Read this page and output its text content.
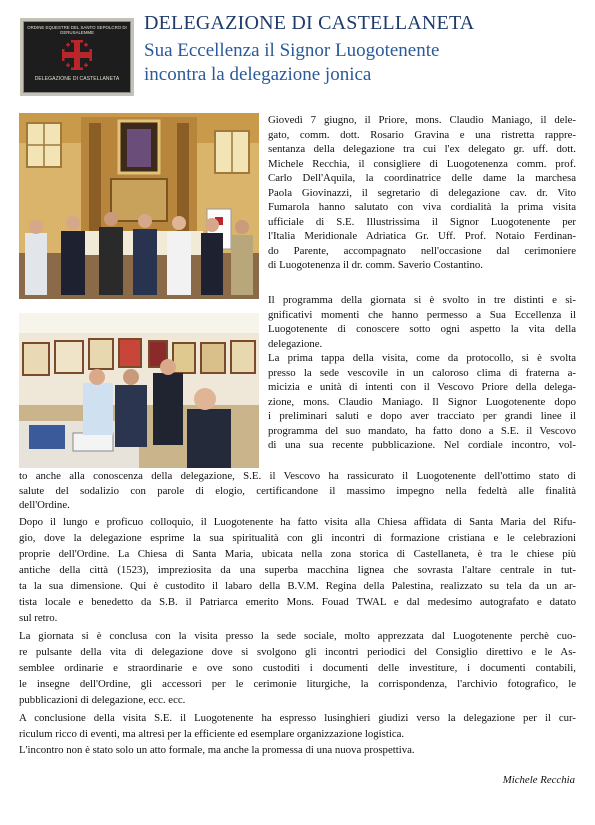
ORDINE EQUESTRE DEL SANTO SEPOLCRO DI GERUSALEMME
DELEGAZIONE DI CASTELLANETA
DELEGAZIONE DI CASTELLANETA
Sua Eccellenza il Signor Luogotenente
incontra la delegazione jonica
Giovedì 7 giugno, il Priore, mons. Claudio Maniago, il dele-
gato, comm. dott. Rosario Gravina e una ristretta rappre-
sentanza della delegazione tra cui l'ex delegato gr. uff. dott.
Michele Recchia, il consigliere di Luogotenenza comm. prof.
Carlo Dell'Aquila, la coordinatrice delle dame la marchesa
Paola Giovinazzi, il segretario di delegazione cav. dr. Vito
Fumarola hanno salutato con viva cordialità la prima visita
ufficiale di S.E. Illustrissima il Signor Luogotenente per
l'Italia Meridionale Adriatica Gr. Uff. Prof. Notaio Ferdinan-
do Parente, accompagnato nell'occasione dal cerimoniere
di Luogotenenza il dr. comm. Saverio Costantino.
Il programma della giornata si è svolto in tre distinti e si-
gnificativi momenti che hanno permesso a Sua Eccellenza il
Luogotenente di conoscere sotto ogni aspetto la vita della
delegazione.
La prima tappa della visita, come da protocollo, si è svolta
presso la sede vescovile in un caloroso clima di fraterna a-
micizia e unità di intenti con il Vescovo Priore della delega-
zione, mons. Claudio Maniago. Il Signor Luogotenente dopo
i preliminari saluti e dopo aver tracciato per grandi linee il
programma del suo mandato, ha fatto dono a S.E. il Vescovo
di una sua recente pubblicazione. Nel cordiale incontro, vol-
to anche alla conoscenza della delegazione, S.E. il Vescovo ha rassicurato il Luogotenente dell'ottimo stato di
salute del sodalizio con parole di elogio, certificandone il massimo impegno nella fedeltà alle finalità
dell'Ordine.
Dopo il lungo e proficuo colloquio, il Luogotenente ha fatto visita alla Chiesa affidata di Santa Maria del Rifu-
gio, dove la delegazione esprime la sua spiritualità con gli incontri di formazione cristiana e le celebrazioni
proprie dell'Ordine. La Chiesa di Santa Maria, ubicata nella zona storica di Castellaneta, è tra le chiese più
antiche della città (1523), impreziosita da una superba macchina lignea che sovrasta l'altare centrale in tut-
ta la sua dimensione. Qui è custodito il labaro della B.V.M. Regina della Palestina, realizzato su tela da un ar-
tista locale e benedetto da S.B. il Patriarca emerito Mons. Fouad TWAL e dal medesimo autografato e datato
sul retro.
La giornata si è conclusa con la visita presso la sede sociale, molto apprezzata dal Luogotenente perchè cuo-
re pulsante della vita di delegazione dove si svolgono gli incontri periodici del Consiglio direttivo e le As-
semblee ordinarie e straordinarie e ove sono custoditi i documenti delle investiture, i documenti contabili,
le insegne dell'Ordine, gli accessori per le cerimonie liturgiche, la corrispondenza, l'archivio fotografico, le
pubblicazioni di delegazione, ecc. ecc.
A conclusione della visita S.E. il Luogotenente ha espresso lusinghieri giudizi verso la delegazione per il cur-
riculum ricco di eventi, ma altresì per la efficiente ed esemplare organizzazione logistica.
L'incontro non è stato solo un atto formale, ma anche la promessa di una nuova prospettiva.
Michele Recchia
